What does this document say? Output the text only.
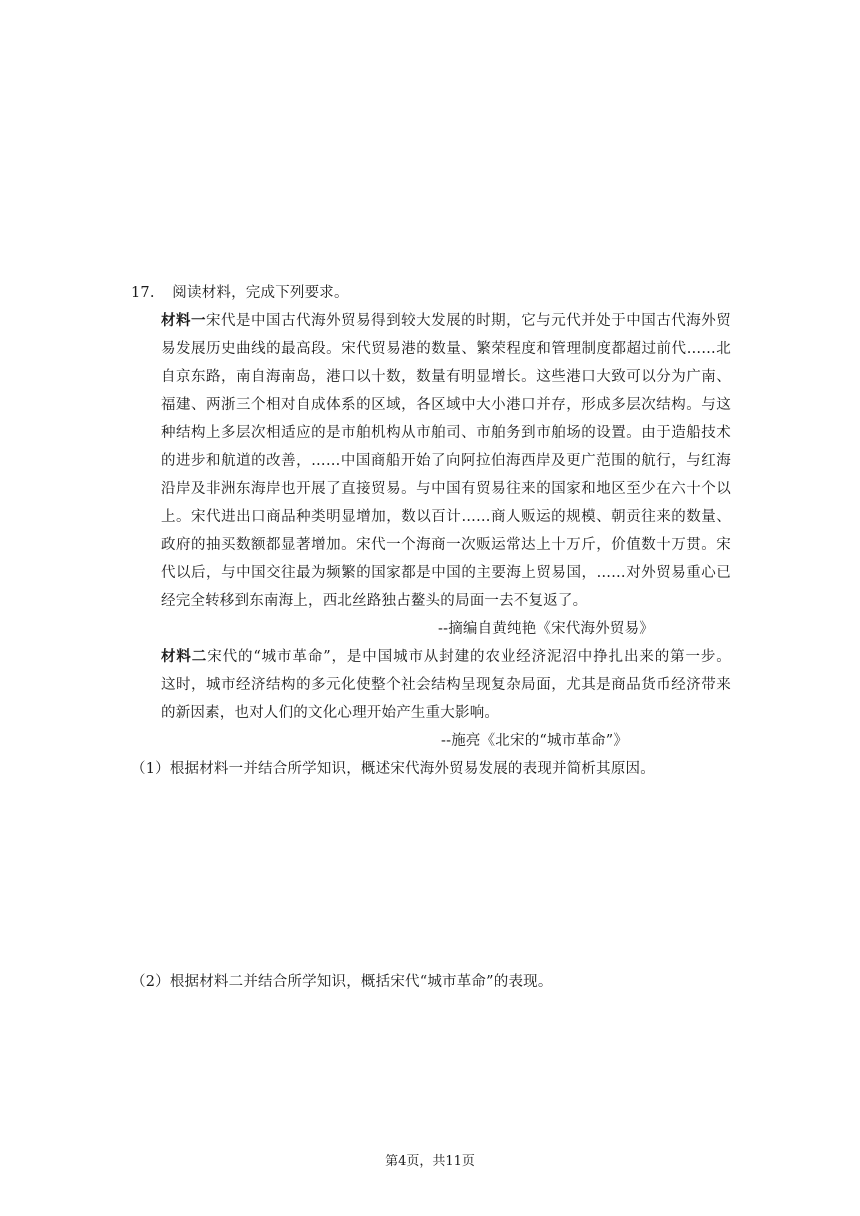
17. 阅读材料，完成下列要求。
材料一宋代是中国古代海外贸易得到较大发展的时期，它与元代并处于中国古代海外贸
易发展历史曲线的最高段。宋代贸易港的数量、繁荣程度和管理制度都超过前代……北
自京东路，南自海南岛，港口以十数，数量有明显增长。这些港口大致可以分为广南、
福建、两浙三个相对自成体系的区域，各区域中大小港口并存，形成多层次结构。与这
种结构上多层次相适应的是市舶机构从市舶司、市舶务到市舶场的设置。由于造船技术
的进步和航道的改善，……中国商船开始了向阿拉伯海西岸及更广范围的航行，与红海
沿岸及非洲东海岸也开展了直接贸易。与中国有贸易往来的国家和地区至少在六十个以
上。宋代进出口商品种类明显增加，数以百计……商人贩运的规模、朝贡往来的数量、
政府的抽买数额都显著增加。宋代一个海商一次贩运常达上十万斤，价值数十万贯。宋
代以后，与中国交往最为频繁的国家都是中国的主要海上贸易国，……对外贸易重心已
经完全转移到东南海上，西北丝路独占鳌头的局面一去不复返了。
--摘编自黄纯艳《宋代海外贸易》
材料二宋代的“城市革命”，是中国城市从封建的农业经济泥沼中挣扎出来的第一步。
这时，城市经济结构的多元化使整个社会结构呈现复杂局面，尤其是商品货币经济带来
的新因素，也对人们的文化心理开始产生重大影响。
--施亮《北宋的“城市革命”》
（1）根据材料一并结合所学知识，概述宋代海外贸易发展的表现并简析其原因。
（2）根据材料二并结合所学知识，概括宋代“城市革命”的表现。
第4页，共11页
